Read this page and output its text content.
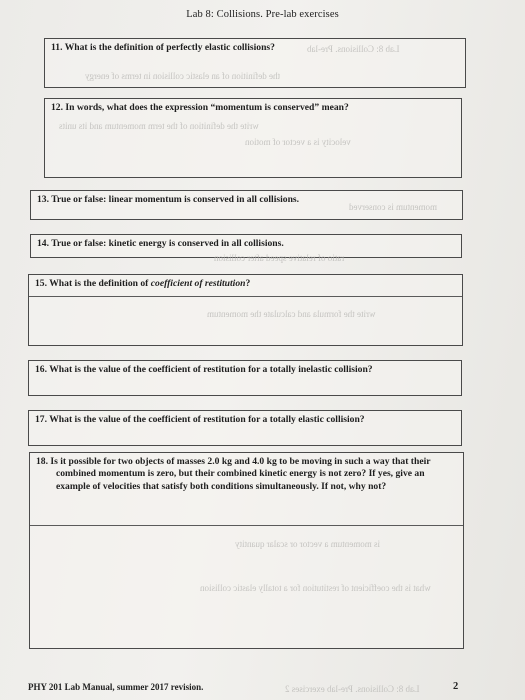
Lab 8: Collisions. Pre-lab exercises
11. What is the definition of perfectly elastic collisions?	Lab 8: Collisions. Pre-lab
the definition of an elastic collision in terms of energy
12. In words, what does the expression “momentum is conserved” mean?
write the definition of the term momentum and its units
velocity is a vector of motion
13. True or false: linear momentum is conserved in all collisions.
momentum is conserved
14. True or false: kinetic energy is conserved in all collisions.
15. What is the definition of coefficient of restitution?
write the formula and calculate the momentum
ratio of relative speed after collision
16. What is the value of the coefficient of restitution for a totally inelastic collision?
17. What is the value of the coefficient of restitution for a totally elastic collision?
18. Is it possible for two objects of masses 2.0 kg and 4.0 kg to be moving in such a way that their combined momentum is zero, but their combined kinetic energy is not zero? If yes, give an example of velocities that satisfy both conditions simultaneously. If not, why not?
is momentum a vector or scalar quantity
what is the coefficient of restitution for a totally elastic collision
PHY 201 Lab Manual, summer 2017 revision.	Lab 8: Collisions. Pre-lab exercises 2	2
